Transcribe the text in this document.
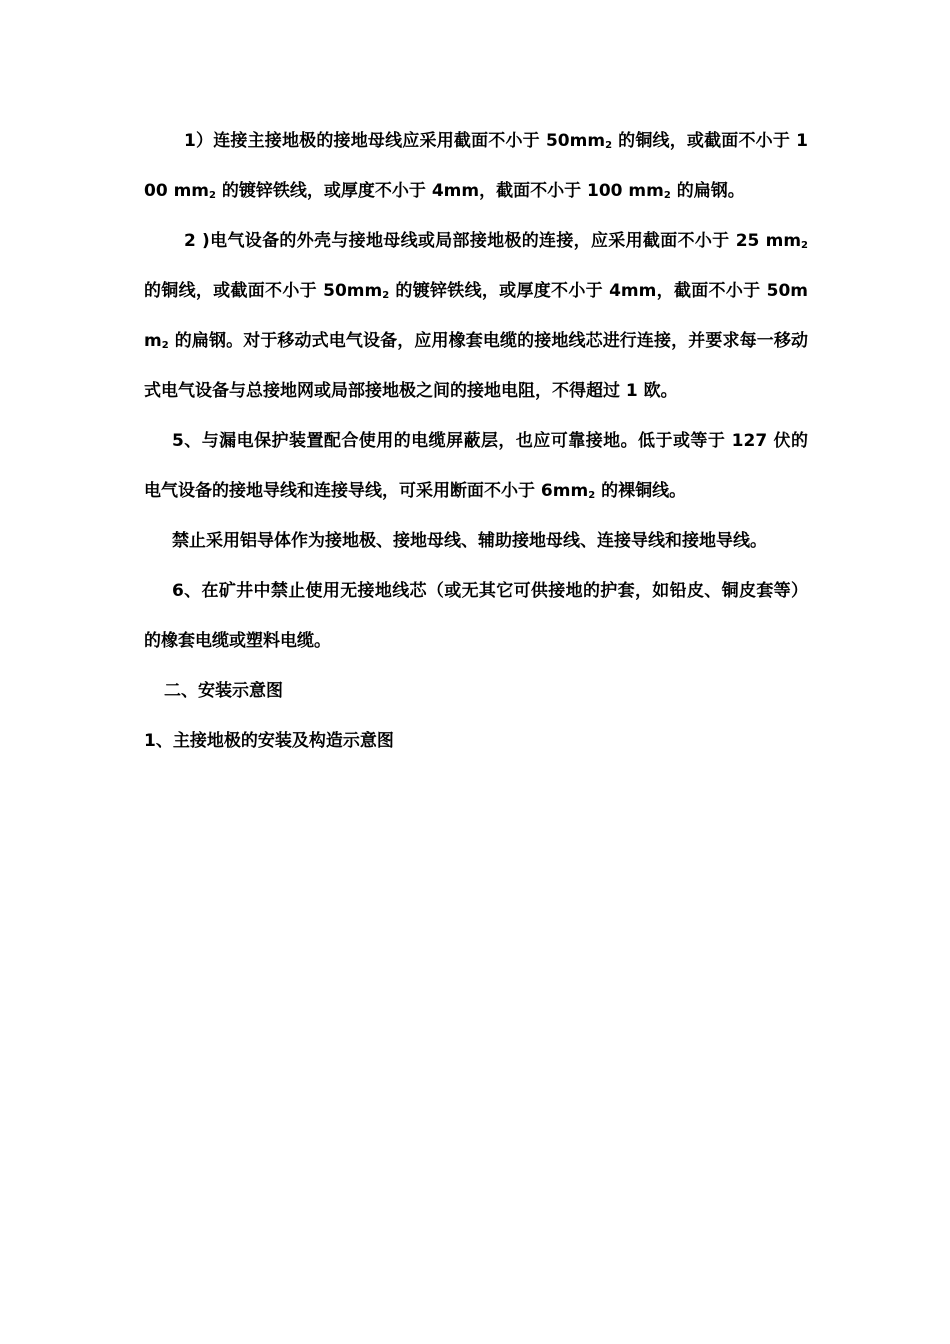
1）连接主接地极的接地母线应采用截面不小于 $50mm_2$ 的铜线，或截面不小于 100 $mm_2$ 的镀锌铁线，或厚度不小于 4mm，截面不小于 100 $mm_2$ 的扁钢。

2 )电气设备的外壳与接地母线或局部接地极的连接，应采用截面不小于 25 $mm_2$ 的铜线，或截面不小于 $50mm_2$ 的镀锌铁线，或厚度不小于 4mm，截面不小于 $50mm_2$ 的扁钢。对于移动式电气设备，应用橡套电缆的接地线芯进行连接，并要求每一移动式电气设备与总接地网或局部接地极之间的接地电阻，不得超过 1 欧。

5、与漏电保护装置配合使用的电缆屏蔽层，也应可靠接地。低于或等于 127 伏的电气设备的接地导线和连接导线，可采用断面不小于 $6mm_2$ 的裸铜线。

禁止采用铝导体作为接地极、接地母线、辅助接地母线、连接导线和接地导线。

6、在矿井中禁止使用无接地线芯（或无其它可供接地的护套，如铅皮、铜皮套等）的橡套电缆或塑料电缆。

二、安装示意图

1、主接地极的安装及构造示意图
